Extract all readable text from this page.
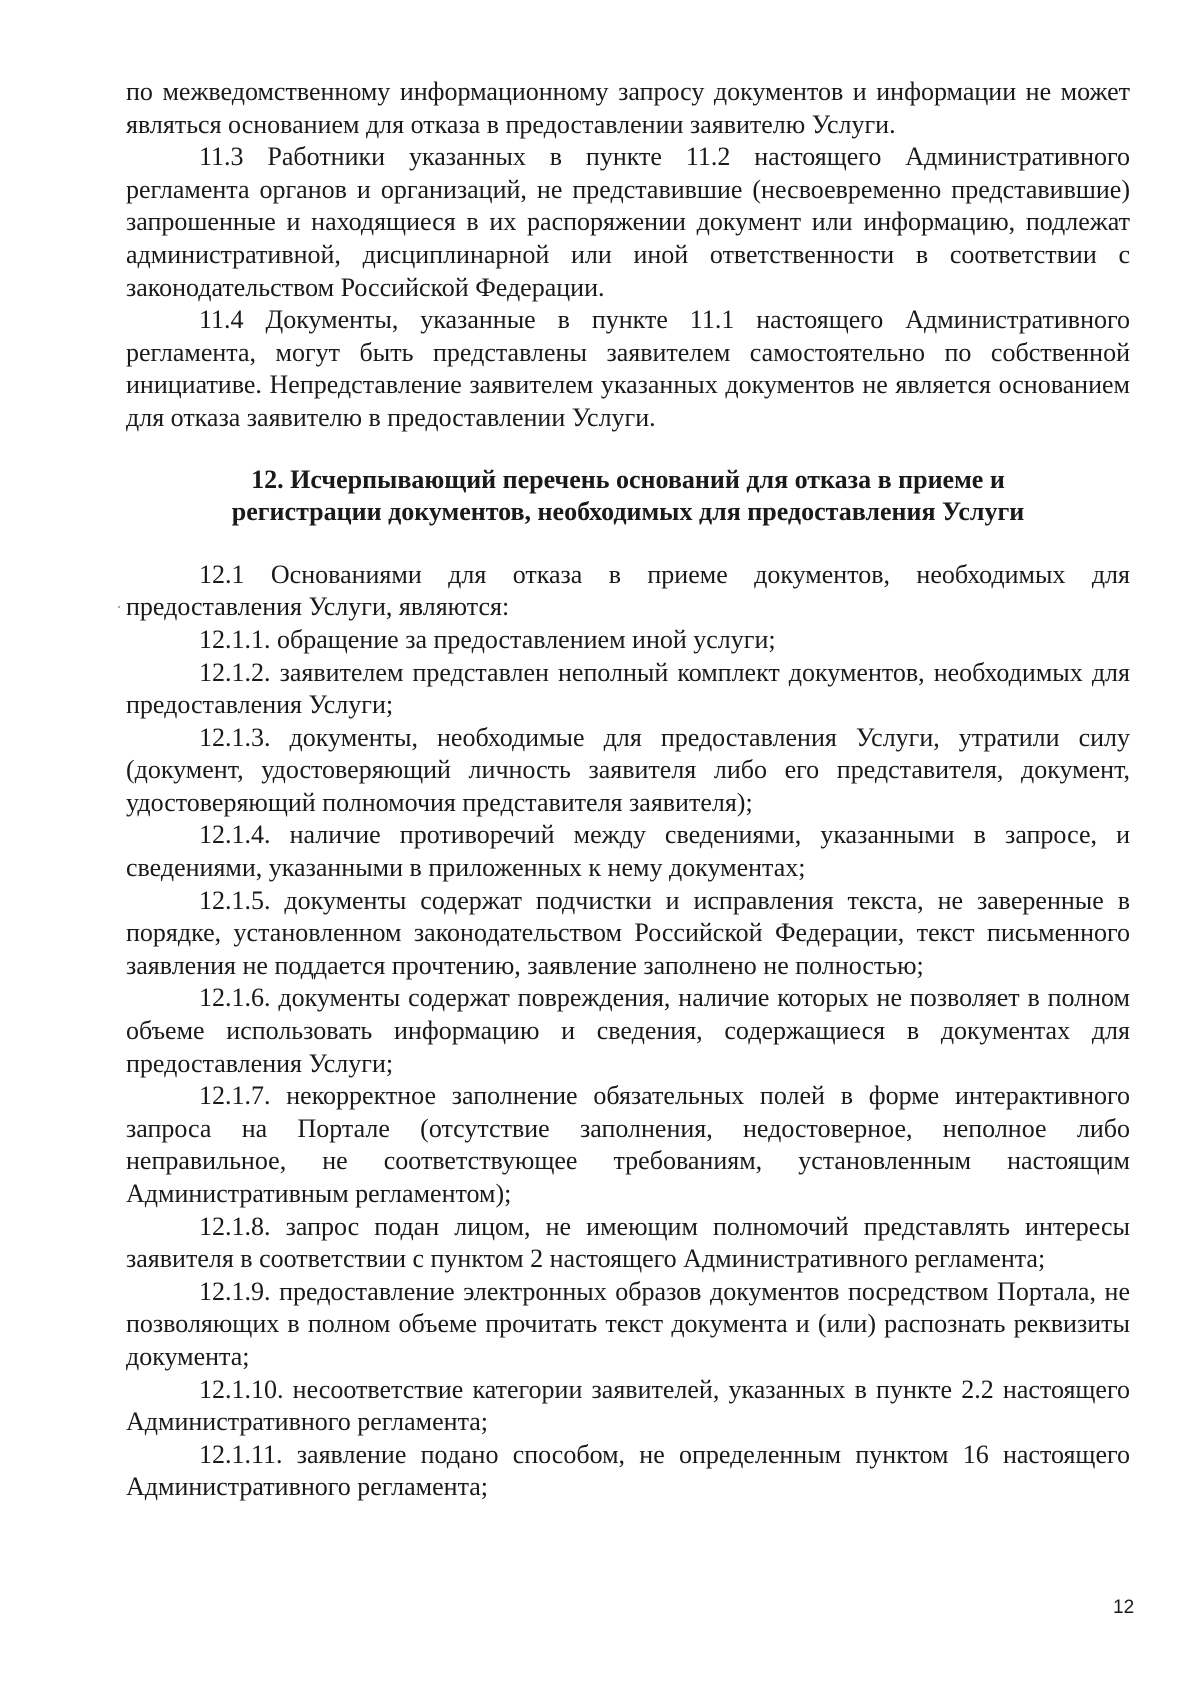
по межведомственному информационному запросу документов и информации не может являться основанием для отказа в предоставлении заявителю Услуги.

11.3 Работники указанных в пункте 11.2 настоящего Административного регламента органов и организаций, не представившие (несвоевременно представившие) запрошенные и находящиеся в их распоряжении документ или информацию, подлежат административной, дисциплинарной или иной ответственности в соответствии с законодательством Российской Федерации.

11.4 Документы, указанные в пункте 11.1 настоящего Административного регламента, могут быть представлены заявителем самостоятельно по собственной инициативе. Непредставление заявителем указанных документов не является основанием для отказа заявителю в предоставлении Услуги.

12. Исчерпывающий перечень оснований для отказа в приеме и
регистрации документов, необходимых для предоставления Услуги

12.1 Основаниями для отказа в приеме документов, необходимых для предоставления Услуги, являются:

12.1.1. обращение за предоставлением иной услуги;

12.1.2. заявителем представлен неполный комплект документов, необходимых для предоставления Услуги;

12.1.3. документы, необходимые для предоставления Услуги, утратили силу (документ, удостоверяющий личность заявителя либо его представителя, документ, удостоверяющий полномочия представителя заявителя);

12.1.4. наличие противоречий между сведениями, указанными в запросе, и сведениями, указанными в приложенных к нему документах;

12.1.5. документы содержат подчистки и исправления текста, не заверенные в порядке, установленном законодательством Российской Федерации, текст письменного заявления не поддается прочтению, заявление заполнено не полностью;

12.1.6. документы содержат повреждения, наличие которых не позволяет в полном объеме использовать информацию и сведения, содержащиеся в документах для предоставления Услуги;

12.1.7. некорректное заполнение обязательных полей в форме интерактивного запроса на Портале (отсутствие заполнения, недостоверное, неполное либо неправильное, не соответствующее требованиям, установленным настоящим Административным регламентом);

12.1.8. запрос подан лицом, не имеющим полномочий представлять интересы заявителя в соответствии с пунктом 2 настоящего Административного регламента;

12.1.9. предоставление электронных образов документов посредством Портала, не позволяющих в полном объеме прочитать текст документа и (или) распознать реквизиты документа;

12.1.10. несоответствие категории заявителей, указанных в пункте 2.2 настоящего Административного регламента;

12.1.11. заявление подано способом, не определенным пунктом 16 настоящего Административного регламента;

12
